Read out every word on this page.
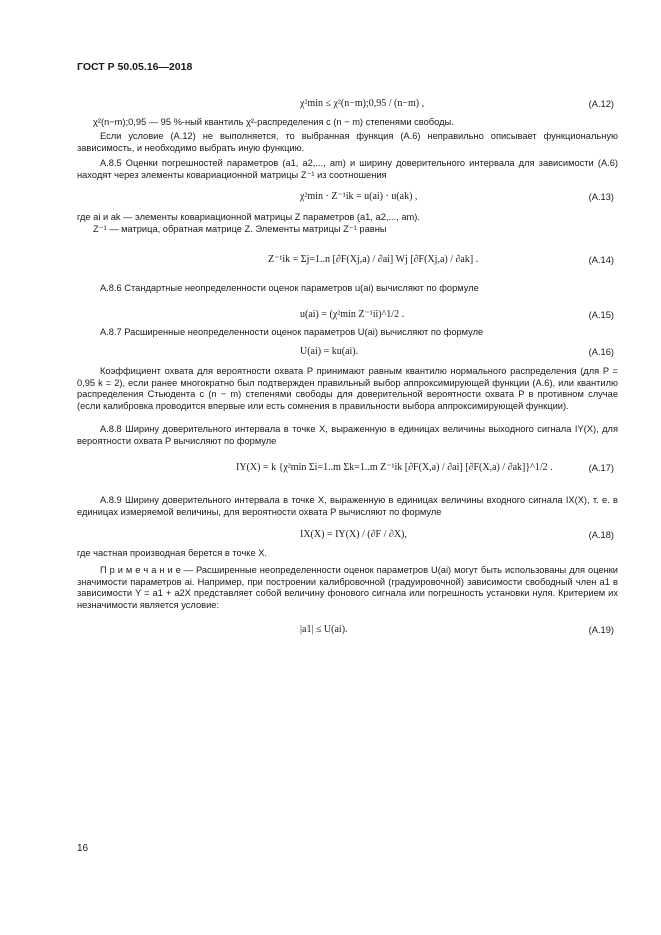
ГОСТ Р 50.05.16—2018
χ²min ≤ χ²(n−m);0,95 / (n−m) ,	(A.12)
χ²(n−m);0,95 — 95 %-ный квантиль χ²-распределения с (n − m) степенями свободы.
Если условие (А.12) не выполняется, то выбранная функция (А.6) неправильно описывает функциональную зависимость, и необходимо выбрать иную функцию.
А.8.5 Оценки погрешностей параметров (a1, a2,..., am) и ширину доверительного интервала для зависимости (А.6) находят через элементы ковариационной матрицы Z⁻¹ из соотношения
χ²min · Z⁻¹ik = u(ai) · u(ak) ,	(A.13)
где ai и ak — элементы ковариационной матрицы Z параметров (a1, a2,..., am).
Z⁻¹ — матрица, обратная матрице Z. Элементы матрицы Z⁻¹ равны
Z⁻¹ik = Σj=1..n [∂F(Xj,a) / ∂ai] Wj [∂F(Xj,a) / ∂ak] .	(A.14)
А.8.6 Стандартные неопределенности оценок параметров u(ai) вычисляют по формуле
u(ai) = (χ²min Z⁻¹ii)^1/2 .	(A.15)
А.8.7 Расширенные неопределенности оценок параметров U(ai) вычисляют по формуле
U(ai) = ku(ai).	(A.16)
Коэффициент охвата для вероятности охвата P принимают равным квантилю нормального распределения (для P = 0,95 k = 2), если ранее многократно был подтвержден правильный выбор аппроксимирующей функции (А.6), или квантилю распределения Стьюдента с (n − m) степенями свободы для доверительной вероятности охвата P в противном случае (если калибровка проводится впервые или есть сомнения в правильности выбора аппроксимирующей функции).
А.8.8 Ширину доверительного интервала в точке X, выраженную в единицах величины выходного сигнала IY(X), для вероятности охвата P вычисляют по формуле
IY(X) = k {χ²min Σi=1..m Σk=1..m Z⁻¹ik [∂F(X,a) / ∂ai] [∂F(X,a) / ∂ak]}^1/2 .	(A.17)
А.8.9 Ширину доверительного интервала в точке X, выраженную в единицах величины входного сигнала IX(X), т. е. в единицах измеряемой величины, для вероятности охвата P вычисляют по формуле
IX(X) = IY(X) / (∂F / ∂X),	(A.18)
где частная производная берется в точке X.
П р и м е ч а н и е — Расширенные неопределенности оценок параметров U(ai) могут быть использованы для оценки значимости параметров ai. Например, при построении калибровочной (градуировочной) зависимости свободный член a1 в зависимости Y = a1 + a2X представляет собой величину фонового сигнала или погрешность установки нуля. Критерием их незначимости является условие:
|a1| ≤ U(ai).	(A.19)
16
